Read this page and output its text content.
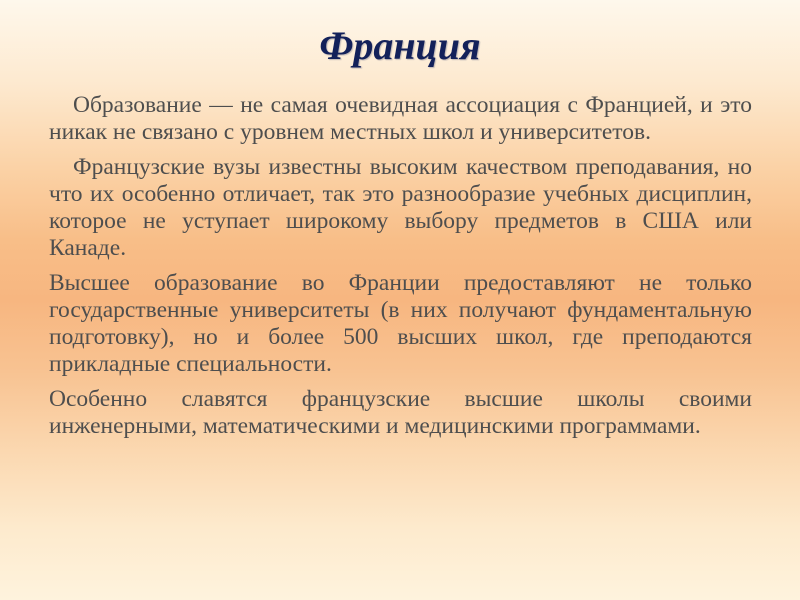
Франция

Образование — не самая очевидная ассоциация с Францией, и это никак не связано с уровнем местных школ и университетов.

Французские вузы известны высоким качеством преподавания, но что их особенно отличает, так это разнообразие учебных дисциплин, которое не уступает широкому выбору предметов в США или Канаде.

Высшее образование во Франции предоставляют не только государственные университеты (в них получают фундаментальную подготовку), но и более 500 высших школ, где преподаются прикладные специальности.

Особенно славятся французские высшие школы своими инженерными, математическими и медицинскими программами.
